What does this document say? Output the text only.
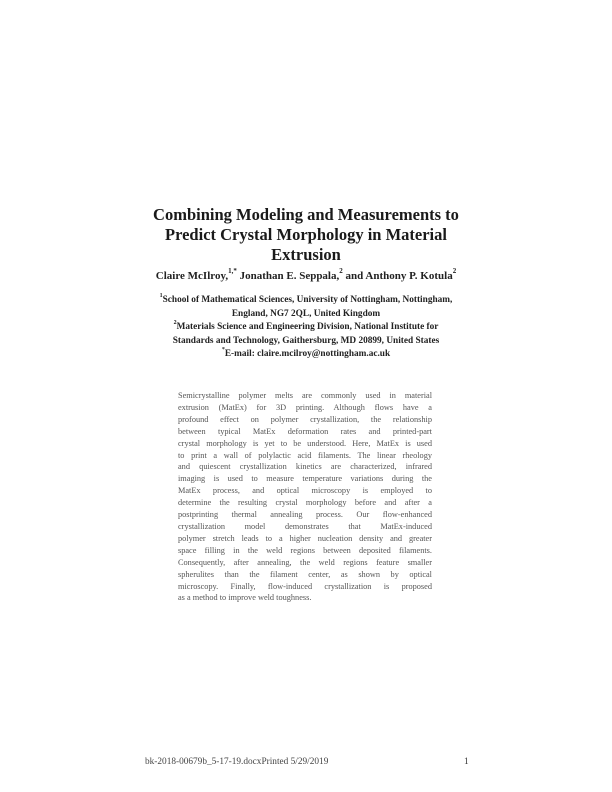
Combining Modeling and Measurements to
Predict Crystal Morphology in Material
Extrusion
Claire McIlroy,$^{1,*}$ Jonathan E. Seppala,$^2$ and Anthony P. Kotula$^2$
$^1$School of Mathematical Sciences, University of Nottingham, Nottingham,
England, NG7 2QL, United Kingdom
$^2$Materials Science and Engineering Division, National Institute for
Standards and Technology, Gaithersburg, MD 20899, United States
*E-mail: claire.mcilroy@nottingham.ac.uk
Semicrystalline polymer melts are commonly used in material
extrusion (MatEx) for 3D printing. Although flows have a
profound effect on polymer crystallization, the relationship
between typical MatEx deformation rates and printed-part
crystal morphology is yet to be understood. Here, MatEx is used
to print a wall of polylactic acid filaments. The linear rheology
and quiescent crystallization kinetics are characterized, infrared
imaging is used to measure temperature variations during the
MatEx process, and optical microscopy is employed to
determine the resulting crystal morphology before and after a
postprinting thermal annealing process. Our flow-enhanced
crystallization model demonstrates that MatEx-induced
polymer stretch leads to a higher nucleation density and greater
space filling in the weld regions between deposited filaments.
Consequently, after annealing, the weld regions feature smaller
spherulites than the filament center, as shown by optical
microscopy. Finally, flow-induced crystallization is proposed
as a method to improve weld toughness.
bk-2018-00679b_5-17-19.docxPrinted 5/29/2019	1
